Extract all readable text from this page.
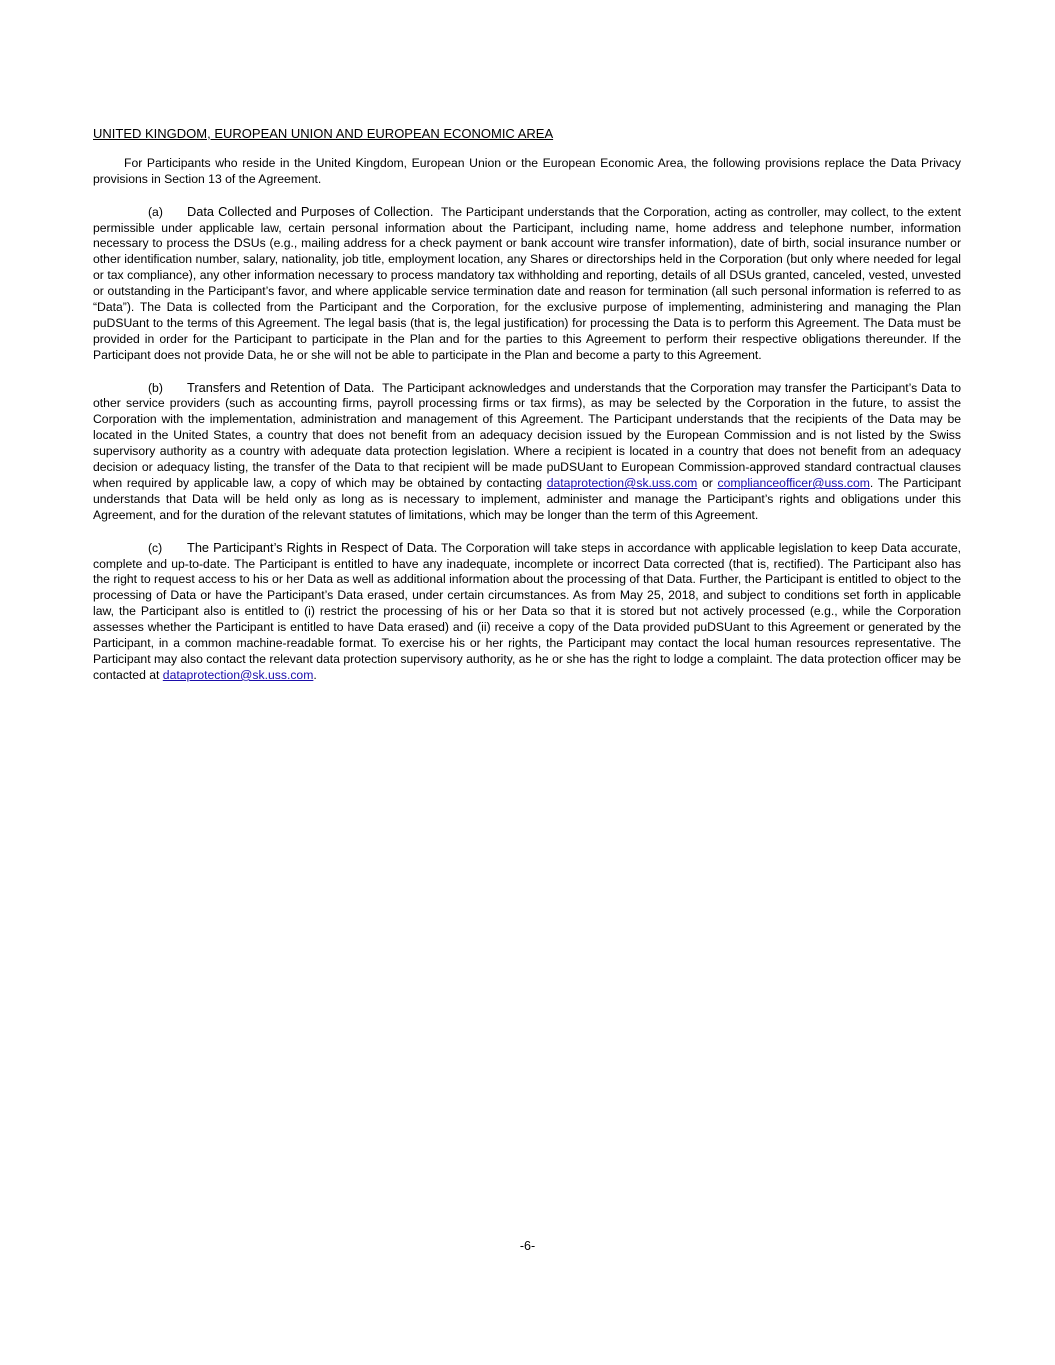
UNITED KINGDOM, EUROPEAN UNION AND EUROPEAN ECONOMIC AREA

For Participants who reside in the United Kingdom, European Union or the European Economic Area, the following provisions replace the Data Privacy provisions in Section 13 of the Agreement.

(a) Data Collected and Purposes of Collection. The Participant understands that the Corporation, acting as controller, may collect, to the extent permissible under applicable law, certain personal information about the Participant, including name, home address and telephone number, information necessary to process the DSUs (e.g., mailing address for a check payment or bank account wire transfer information), date of birth, social insurance number or other identification number, salary, nationality, job title, employment location, any Shares or directorships held in the Corporation (but only where needed for legal or tax compliance), any other information necessary to process mandatory tax withholding and reporting, details of all DSUs granted, canceled, vested, unvested or outstanding in the Participant’s favor, and where applicable service termination date and reason for termination (all such personal information is referred to as “Data”). The Data is collected from the Participant and the Corporation, for the exclusive purpose of implementing, administering and managing the Plan puDSUant to the terms of this Agreement. The legal basis (that is, the legal justification) for processing the Data is to perform this Agreement. The Data must be provided in order for the Participant to participate in the Plan and for the parties to this Agreement to perform their respective obligations thereunder. If the Participant does not provide Data, he or she will not be able to participate in the Plan and become a party to this Agreement.

(b) Transfers and Retention of Data. The Participant acknowledges and understands that the Corporation may transfer the Participant’s Data to other service providers (such as accounting firms, payroll processing firms or tax firms), as may be selected by the Corporation in the future, to assist the Corporation with the implementation, administration and management of this Agreement. The Participant understands that the recipients of the Data may be located in the United States, a country that does not benefit from an adequacy decision issued by the European Commission and is not listed by the Swiss supervisory authority as a country with adequate data protection legislation. Where a recipient is located in a country that does not benefit from an adequacy decision or adequacy listing, the transfer of the Data to that recipient will be made puDSUant to European Commission-approved standard contractual clauses when required by applicable law, a copy of which may be obtained by contacting dataprotection@sk.uss.com or complianceofficer@uss.com. The Participant understands that Data will be held only as long as is necessary to implement, administer and manage the Participant’s rights and obligations under this Agreement, and for the duration of the relevant statutes of limitations, which may be longer than the term of this Agreement.

(c) The Participant’s Rights in Respect of Data. The Corporation will take steps in accordance with applicable legislation to keep Data accurate, complete and up-to-date. The Participant is entitled to have any inadequate, incomplete or incorrect Data corrected (that is, rectified). The Participant also has the right to request access to his or her Data as well as additional information about the processing of that Data. Further, the Participant is entitled to object to the processing of Data or have the Participant’s Data erased, under certain circumstances. As from May 25, 2018, and subject to conditions set forth in applicable law, the Participant also is entitled to (i) restrict the processing of his or her Data so that it is stored but not actively processed (e.g., while the Corporation assesses whether the Participant is entitled to have Data erased) and (ii) receive a copy of the Data provided puDSUant to this Agreement or generated by the Participant, in a common machine-readable format. To exercise his or her rights, the Participant may contact the local human resources representative. The Participant may also contact the relevant data protection supervisory authority, as he or she has the right to lodge a complaint. The data protection officer may be contacted at dataprotection@sk.uss.com.

-6-
